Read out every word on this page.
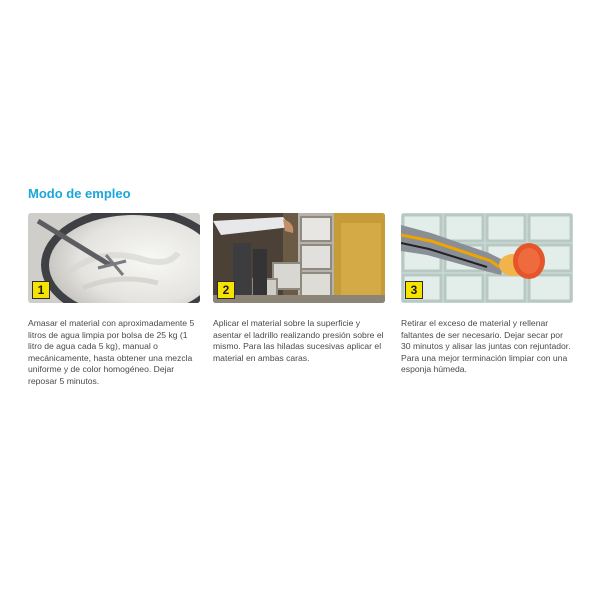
Modo de empleo
1
Amasar el material con aproximadamente 5 litros de agua limpia por bolsa de 25 kg (1 litro de agua cada 5 kg), manual o mecánicamente, hasta obtener una mezcla uniforme y de color homogéneo. Dejar reposar 5 minutos.
2
Aplicar el material sobre la superficie y asentar el ladrillo realizando presión sobre el mismo. Para las hiladas sucesivas aplicar el material en ambas caras.
3
Retirar el exceso de material y rellenar faltantes de ser necesario. Dejar secar por 30 minutos y alisar las juntas con rejuntador. Para una mejor terminación limpiar con una esponja húmeda.
